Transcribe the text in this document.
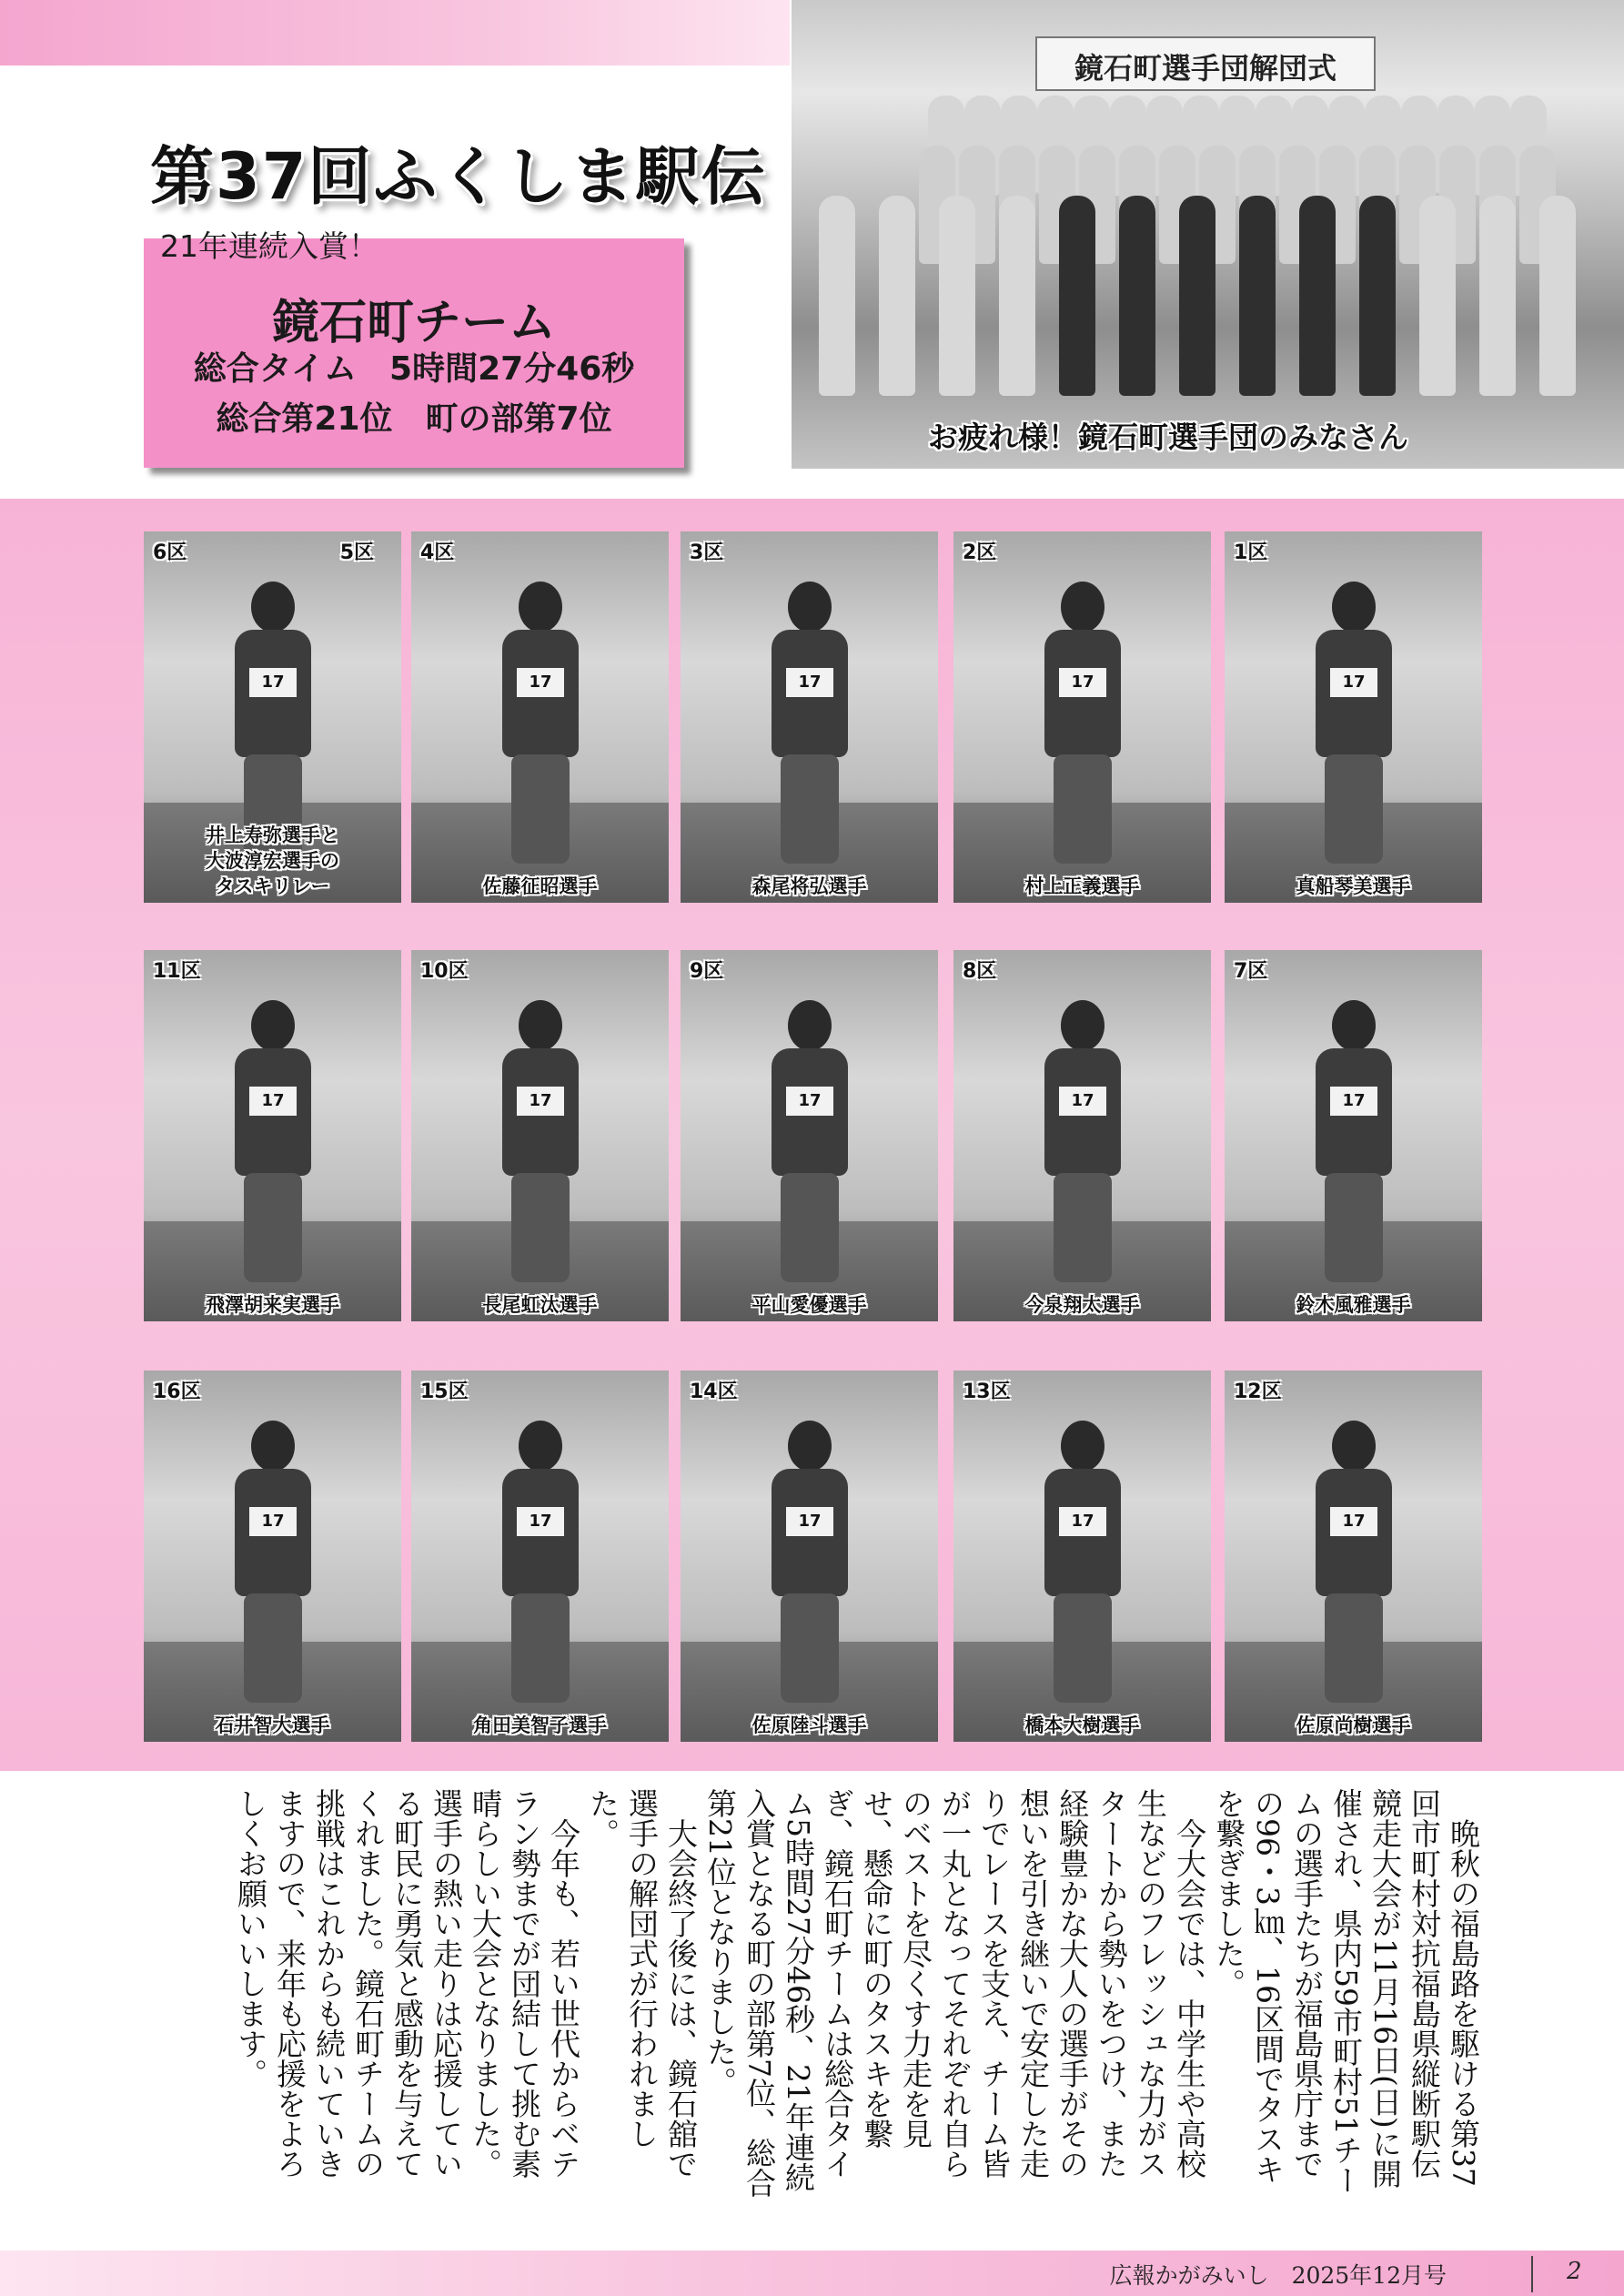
第37回ふくしま駅伝
鏡石町チーム
総合タイム　5時間27分46秒
総合第21位　町の部第7位
21年連続入賞！
鏡石町選手団解団式
お疲れ様！鏡石町選手団のみなさん
17
6区	5区
井上寿弥選手と
大波淳宏選手の
タスキリレー
17
4区
佐藤征昭選手
17
3区
森尾将弘選手
17
2区
村上正義選手
17
1区
真船琴美選手
17
11区
飛澤胡来実選手
17
10区
長尾虹汰選手
17
9区
平山愛優選手
17
8区
今泉翔太選手
17
7区
鈴木風雅選手
17
16区
石井智大選手
17
15区
角田美智子選手
17
14区
佐原陸斗選手
17
13区
橋本大樹選手
17
12区
佐原尚樹選手

晩秋の福島路を駆ける第37回市町村対抗福島県縦断駅伝競走大会が11月16日(日)に開催され、県内59市町村51チームの選手たちが福島県庁までの96・3㎞、16区間でタスキを繋ぎました。

今大会では、中学生や高校生などのフレッシュな力がスタートから勢いをつけ、また経験豊かな大人の選手がその想いを引き継いで安定した走りでレースを支え、チーム皆が一丸となってそれぞれ自らのベストを尽くす力走を見せ、懸命に町のタスキを繋ぎ、鏡石町チームは総合タイム5時間27分46秒、21年連続入賞となる町の部第7位、総合第21位となりました。

大会終了後には、鏡石舘で選手の解団式が行われました。

今年も、若い世代からベテラン勢までが団結して挑む素晴らしい大会となりました。選手の熱い走りは応援している町民に勇気と感動を与えてくれました。鏡石町チームの挑戦はこれからも続いていきますので、来年も応援をよろしくお願いいします。

広報かがみいし　2025年12月号	2
